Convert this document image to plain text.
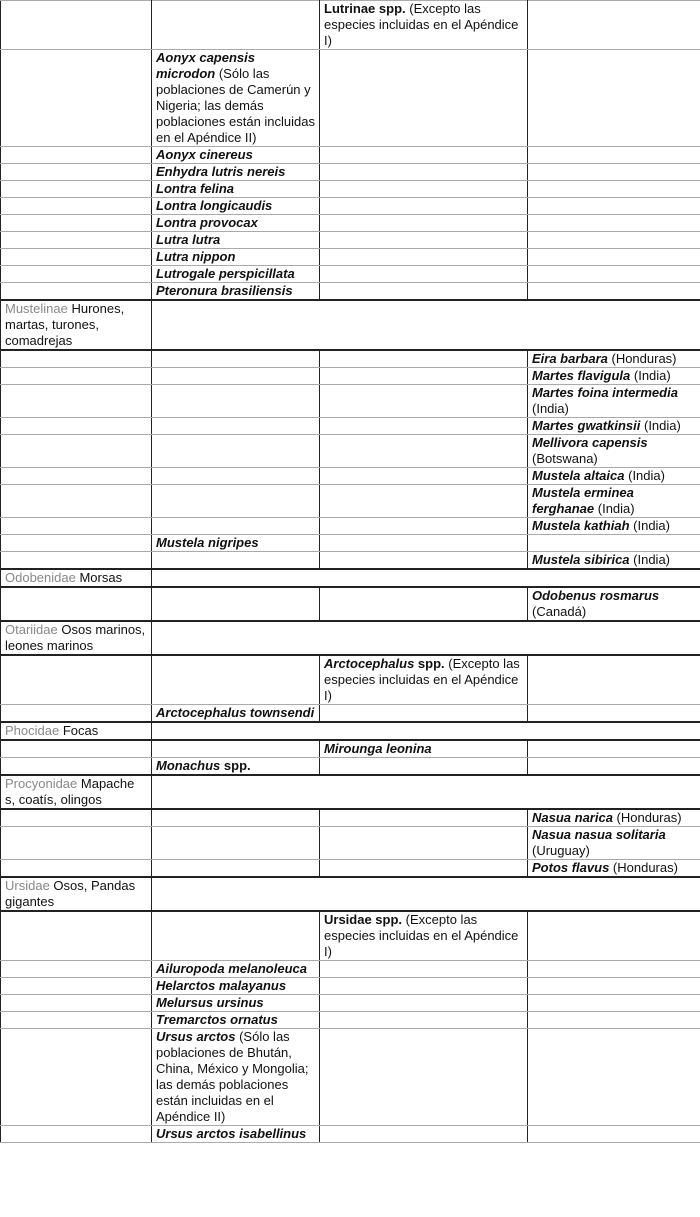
		Lutrinae spp. (Excepto las especies incluidas en el Apéndice I)	
	Aonyx capensis microdon (Sólo las poblaciones de Camerún y Nigeria; las demás poblaciones están incluidas en el Apéndice II)		
	Aonyx cinereus		
	Enhydra lutris nereis		
	Lontra felina		
	Lontra longicaudis		
	Lontra provocax		
	Lutra lutra		
	Lutra nippon		
	Lutrogale perspicillata		
	Pteronura brasiliensis		
Mustelinae Hurones, martas, turones, comadrejas			
			Eira barbara (Honduras)
			Martes flavigula (India)
			Martes foina intermedia (India)
			Martes gwatkinsii (India)
			Mellivora capensis (Botswana)
			Mustela altaica (India)
			Mustela erminea ferghanae (India)
			Mustela kathiah (India)
	Mustela nigripes		
			Mustela sibirica (India)
Odobenidae Morsas			
			Odobenus rosmarus (Canadá)
Otariidae Osos marinos, leones marinos			
		Arctocephalus spp. (Excepto las especies incluidas en el Apéndice I)	
	Arctocephalus townsendi		
Phocidae Focas			
		Mirounga leonina	
	Monachus spp.		
Procyonidae Mapache s, coatís, olingos			
			Nasua narica (Honduras)
			Nasua nasua solitaria (Uruguay)
			Potos flavus (Honduras)
Ursidae Osos, Pandas gigantes			
		Ursidae spp. (Excepto las especies incluidas en el Apéndice I)	
	Ailuropoda melanoleuca		
	Helarctos malayanus		
	Melursus ursinus		
	Tremarctos ornatus		
	Ursus arctos (Sólo las poblaciones de Bhután, China, México y Mongolia; las demás poblaciones están incluidas en el Apéndice II)		
	Ursus arctos isabellinus		
